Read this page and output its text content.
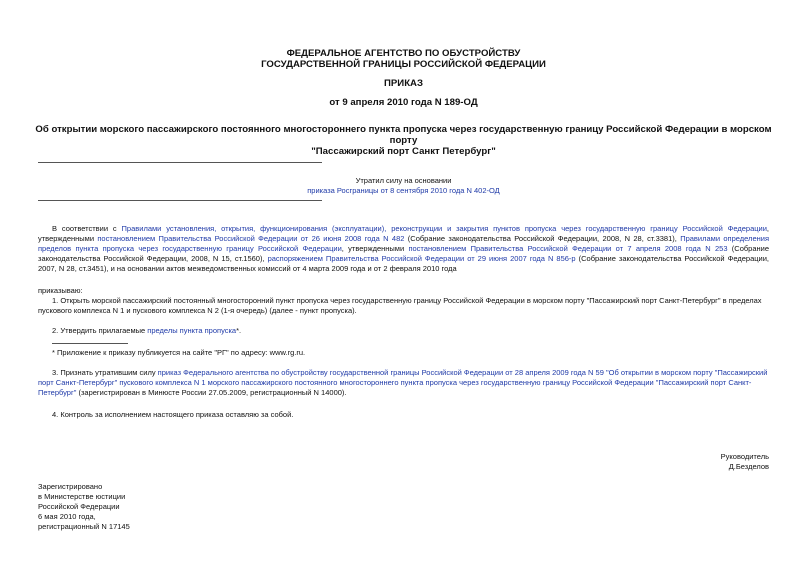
ФЕДЕРАЛЬНОЕ АГЕНТСТВО ПО ОБУСТРОЙСТВУ
ГОСУДАРСТВЕННОЙ ГРАНИЦЫ РОССИЙСКОЙ ФЕДЕРАЦИИ
ПРИКАЗ
от 9 апреля 2010 года N 189-ОД
Об открытии морского пассажирского постоянного многостороннего пункта пропуска через государственную границу Российской Федерации в морском порту
"Пассажирский порт Санкт Петербург"
Утратил силу на основании
приказа Росграницы от 8 сентября 2010 года N 402-ОД
В соответствии с Правилами установления, открытия, функционирования (эксплуатации), реконструкции и закрытия пунктов пропуска через государственную границу Российской Федерации, утвержденными постановлением Правительства Российской Федерации от 26 июня 2008 года N 482 (Собрание законодательства Российской Федерации, 2008, N 28, ст.3381), Правилами определения пределов пункта пропуска через государственную границу Российской Федерации, утвержденными постановлением Правительства Российской Федерации от 7 апреля 2008 года N 253 (Собрание законодательства Российской Федерации, 2008, N 15, ст.1560), распоряжением Правительства Российской Федерации от 29 июня 2007 года N 856-р (Собрание законодательства Российской Федерации, 2007, N 28, ст.3451), и на основании актов межведомственных комиссий от 4 марта 2009 года и от 2 февраля 2010 года
приказываю:
1. Открыть морской пассажирский постоянный многосторонний пункт пропуска через государственную границу Российской Федерации в морском порту "Пассажирский порт Санкт-Петербург" в пределах пускового комплекса N 1 и пускового комплекса N 2 (1-я очередь) (далее - пункт пропуска).
2. Утвердить прилагаемые пределы пункта пропуска*.
* Приложение к приказу публикуется на сайте "РГ" по адресу: www.rg.ru.
3. Признать утратившим силу приказ Федерального агентства по обустройству государственной границы Российской Федерации от 28 апреля 2009 года N 59 "Об открытии в морском порту "Пассажирский порт Санкт-Петербург" пускового комплекса N 1 морского пассажирского постоянного многостороннего пункта пропуска через государственную границу Российской Федерации "Пассажирский порт Санкт-Петербург" (зарегистрирован в Минюсте России 27.05.2009, регистрационный N 14000).
4. Контроль за исполнением настоящего приказа оставляю за собой.
Руководитель
Д.Безделов
Зарегистрировано
в Министерстве юстиции
Российской Федерации
6 мая 2010 года,
регистрационный N 17145
